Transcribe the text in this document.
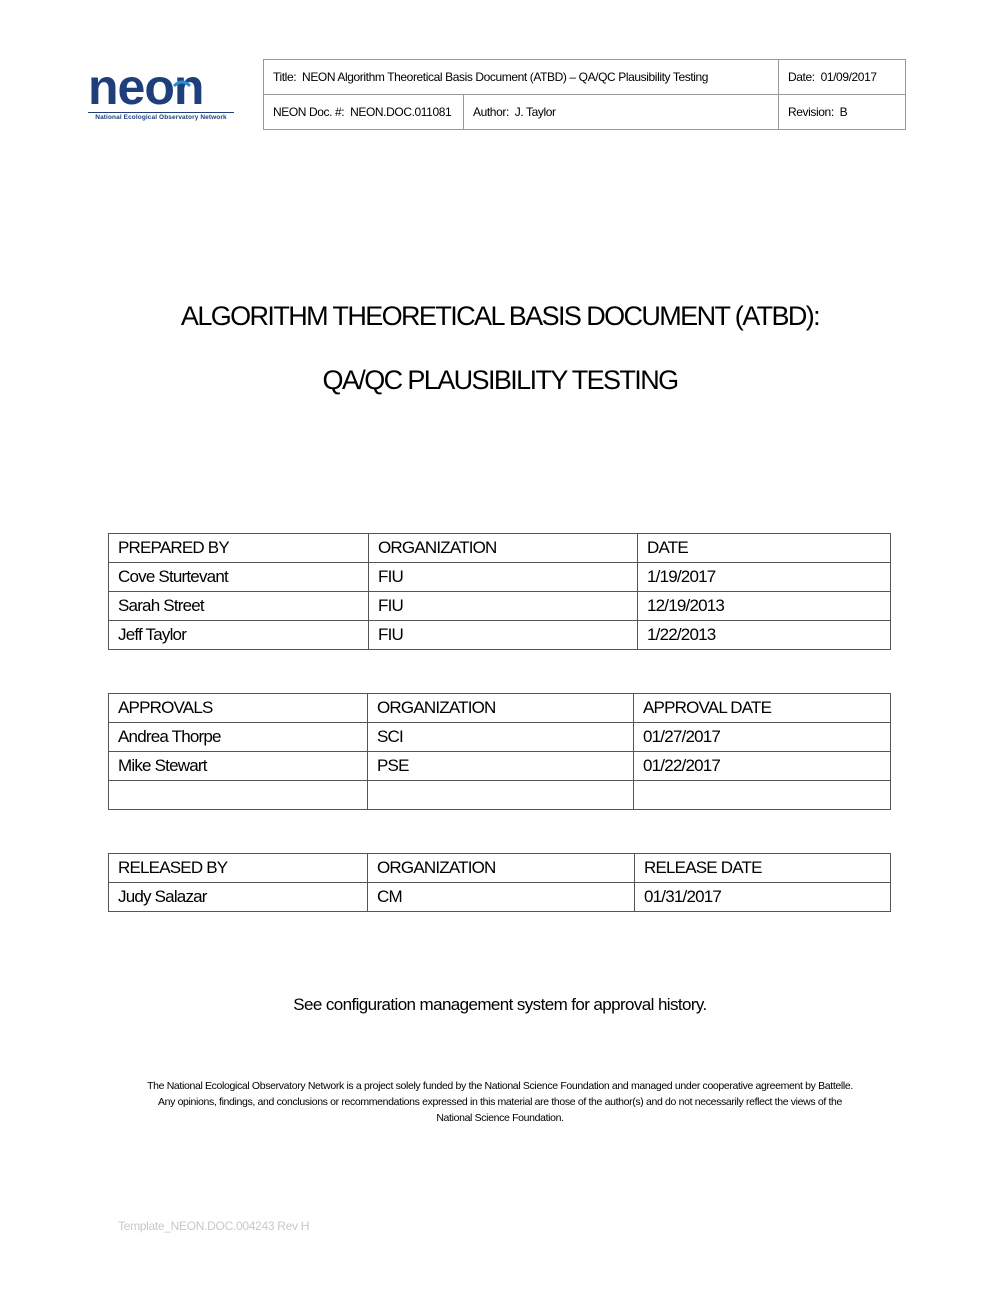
neon
National Ecological Observatory Network
Title: NEON Algorithm Theoretical Basis Document (ATBD) – QA/QC Plausibility Testing		Date: 01/09/2017
NEON Doc. #: NEON.DOC.011081	Author: J. Taylor	Revision: B
ALGORITHM THEORETICAL BASIS DOCUMENT (ATBD):
QA/QC PLAUSIBILITY TESTING
PREPARED BY	ORGANIZATION	DATE
Cove Sturtevant	FIU	1/19/2017
Sarah Street	FIU	12/19/2013
Jeff Taylor	FIU	1/22/2013
APPROVALS	ORGANIZATION	APPROVAL DATE
Andrea Thorpe	SCI	01/27/2017
Mike Stewart	PSE	01/22/2017

RELEASED BY	ORGANIZATION	RELEASE DATE
Judy Salazar	CM	01/31/2017
See configuration management system for approval history.
The National Ecological Observatory Network is a project solely funded by the National Science Foundation and managed under cooperative agreement by Battelle.
Any opinions, findings, and conclusions or recommendations expressed in this material are those of the author(s) and do not necessarily reflect the views of the
National Science Foundation.
Template_NEON.DOC.004243 Rev H
